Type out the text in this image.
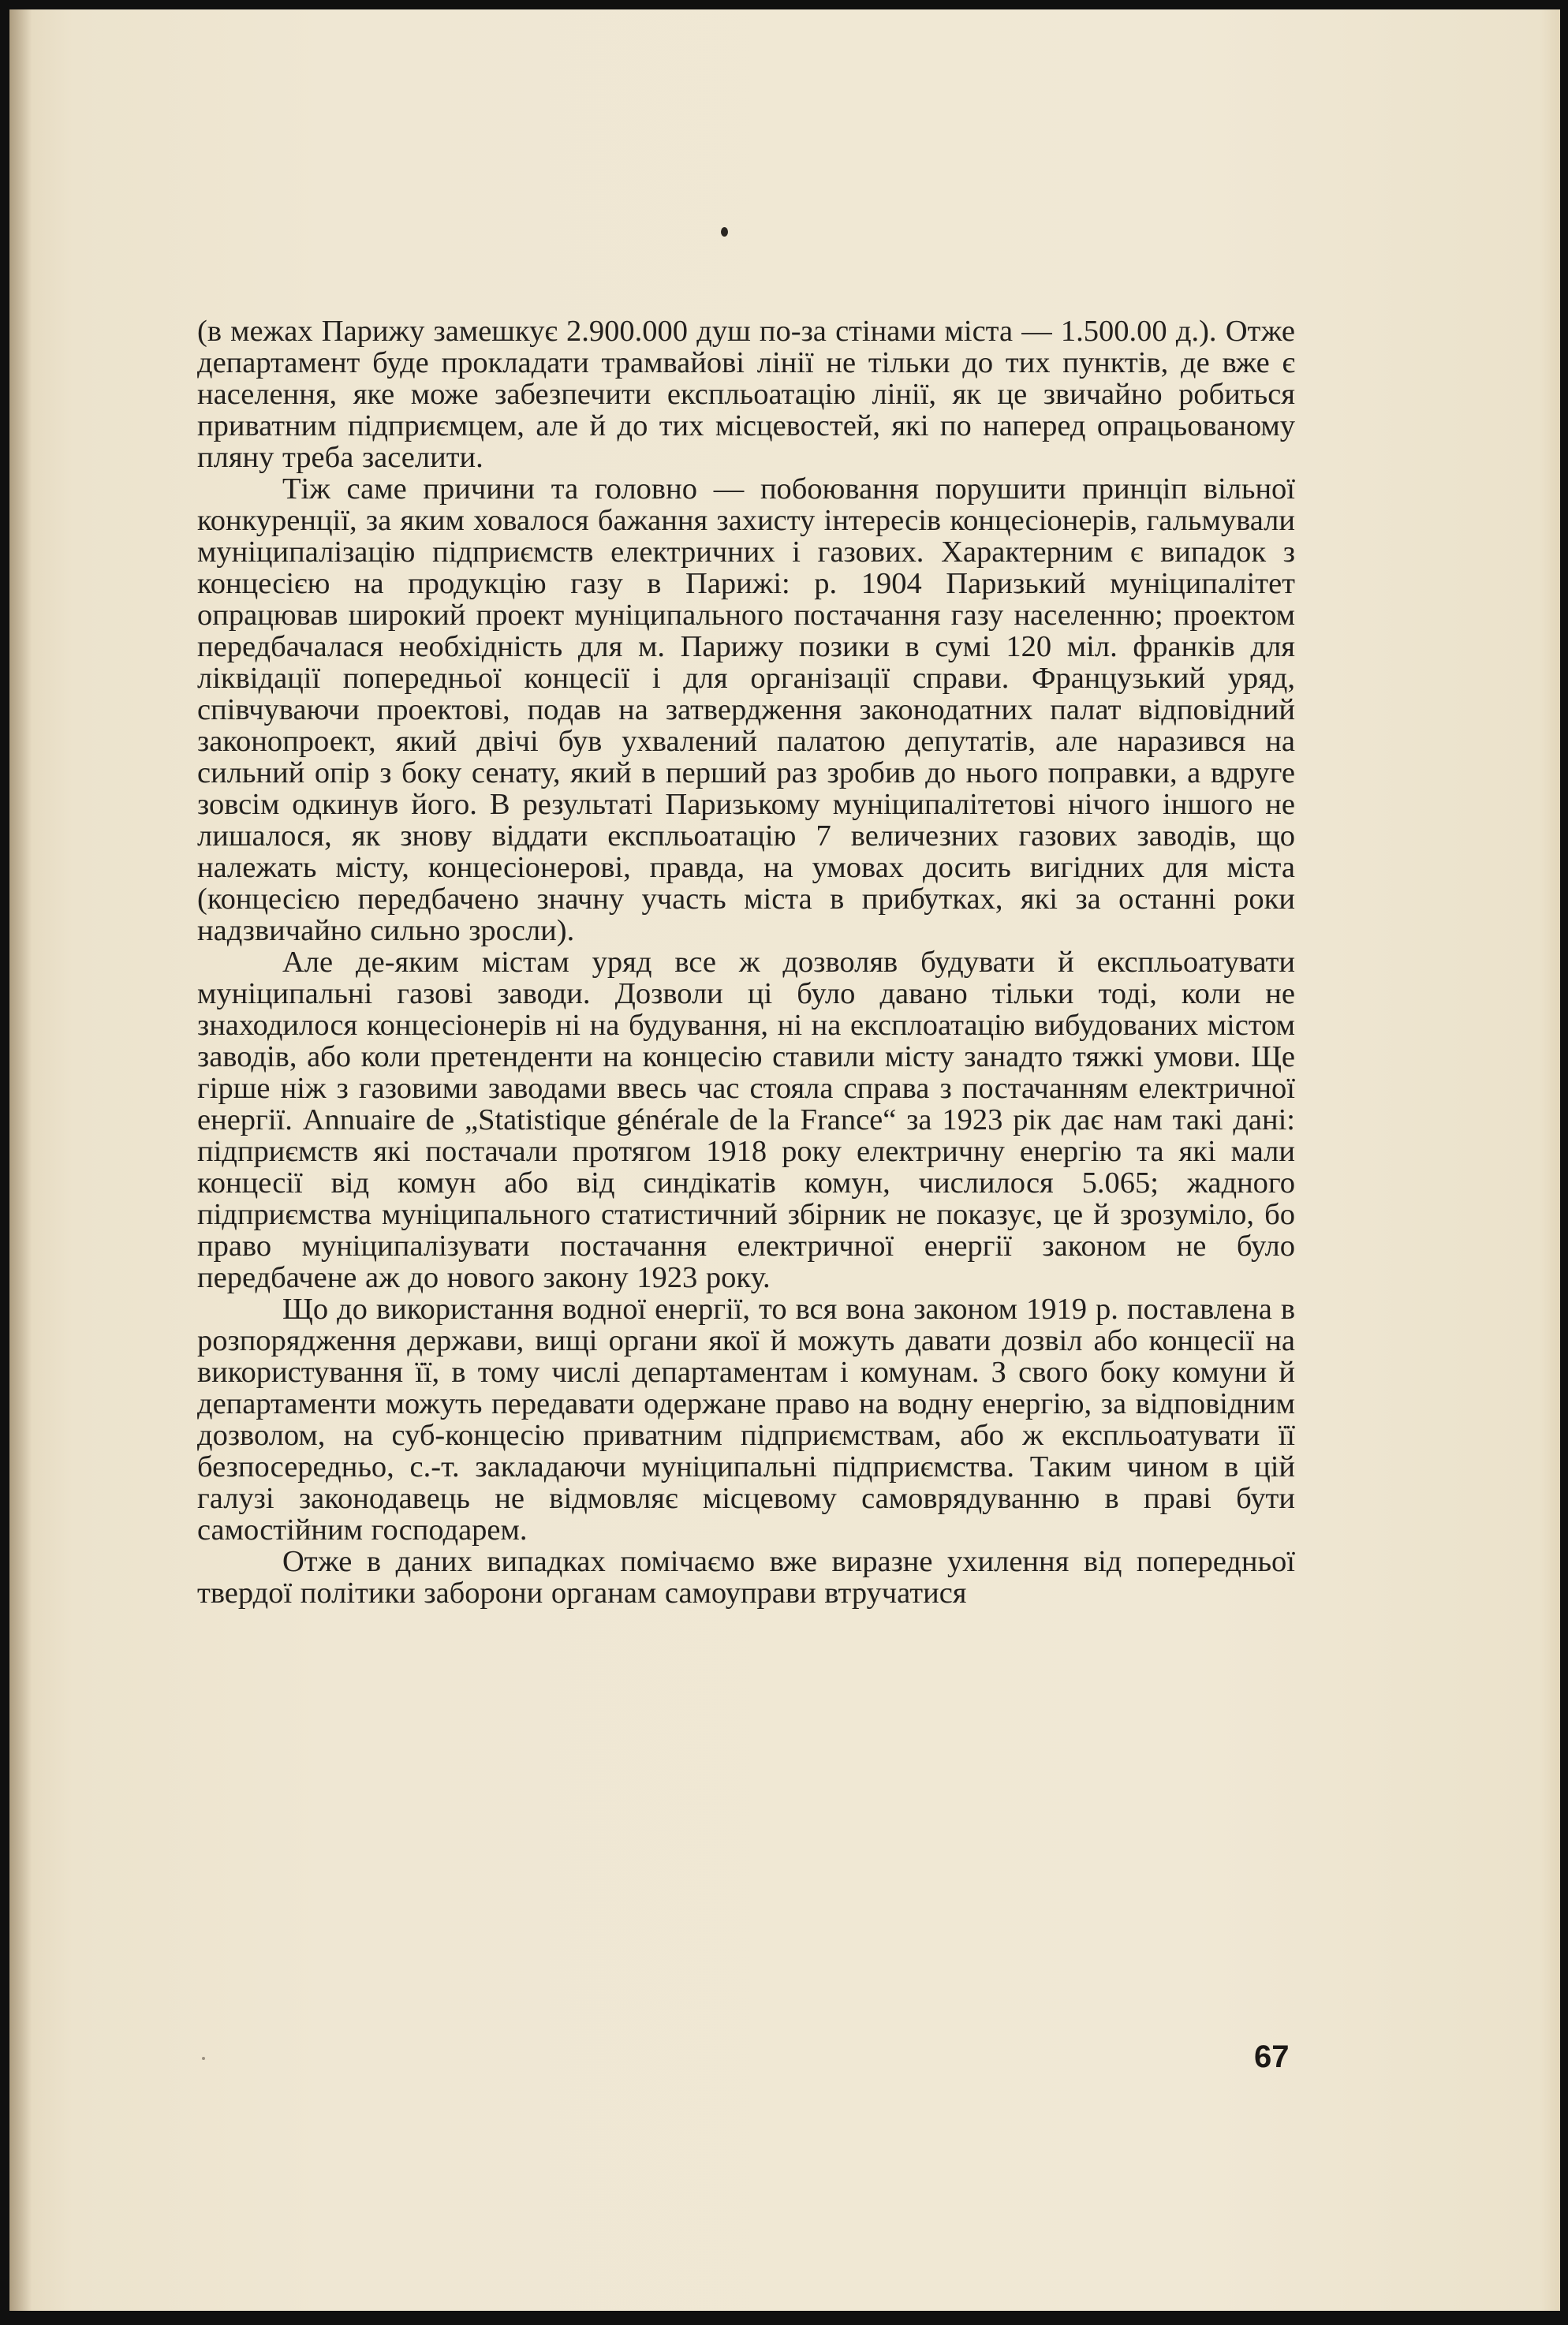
(в межах Парижу замешкує 2.900.000 душ по-за стінами міста — 1.500.00 д.). Отже департамент буде прокладати трамвайові лінії не тільки до тих пунктів, де вже є населення, яке може забезпечити експльоатацію лінії, як це звичайно робиться приватним підприємцем, але й до тих місцевостей, які по наперед опрацьованому пляну треба заселити.

Тіж саме причини та головно — побоювання порушити принціп вільної конкуренції, за яким ховалося бажання захисту інтересів концесіонерів, гальмували муніципалізацію підприємств електричних і газових. Характерним є випадок з концесією на продукцію газу в Парижі: р. 1904 Паризький муніципалітет опрацював широкий проект муніципального постачання газу населенню; проектом передбачалася необхідність для м. Парижу позики в сумі 120 міл. франків для ліквідації попередньої концесії і для організації справи. Французький уряд, співчуваючи проектові, подав на затвердження законодатних палат відповідний законопроект, який двічі був ухвалений палатою депутатів, але наразився на сильний опір з боку сенату, який в перший раз зробив до нього поправки, а вдруге зовсім одкинув його. В результаті Паризькому муніципалітетові нічого іншого не лишалося, як знову віддати експльоатацію 7 величезних газових заводів, що належать місту, концесіонерові, правда, на умовах досить вигідних для міста (концесією передбачено значну участь міста в прибутках, які за останні роки надзвичайно сильно зросли).

Але де-яким містам уряд все ж дозволяв будувати й експльоатувати муніципальні газові заводи. Дозволи ці було давано тільки тоді, коли не знаходилося концесіонерів ні на будування, ні на експлоатацію вибудованих містом заводів, або коли претенденти на концесію ставили місту занадто тяжкі умови. Ще гірше ніж з газовими заводами ввесь час стояла справа з постачанням електричної енергії. Annuaire de „Statistique générale de la France“ за 1923 рік дає нам такі дані: підприємств які постачали протягом 1918 року електричну енергію та які мали концесії від комун або від синдікатів комун, числилося 5.065; жадного підприємства муніципального статистичний збірник не показує, це й зрозуміло, бо право муніципалізувати постачання електричної енергії законом не було передбачене аж до нового закону 1923 року.

Що до використання водної енергії, то вся вона законом 1919 р. поставлена в розпорядження держави, вищі органи якої й можуть давати дозвіл або концесії на використування її, в тому числі департаментам і комунам. З свого боку комуни й департаменти можуть передавати одержане право на водну енергію, за відповідним дозволом, на суб-концесію приватним підприємствам, або ж експльоатувати її безпосередньо, с.-т. закладаючи муніципальні підприємства. Таким чином в цій галузі законодавець не відмовляє місцевому самоврядуванню в праві бути самостійним господарем.

Отже в даних випадках помічаємо вже виразне ухилення від попередньої твердої політики заборони органам самоуправи втручатися

67
